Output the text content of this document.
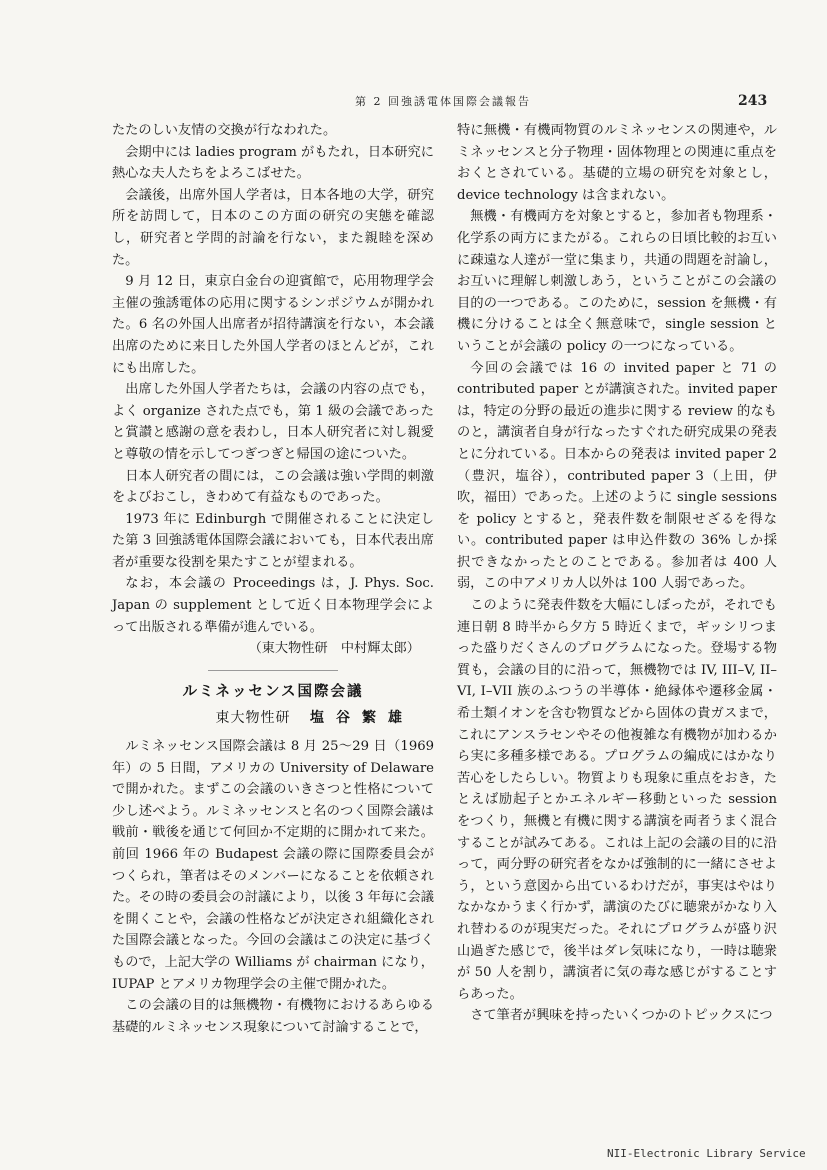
第 2 回強誘電体国際会議報告	243

たたのしい友情の交換が行なわれた。

会期中には ladies program がもたれ，日本研究に熱心な夫人たちをよろこばせた。

会議後，出席外国人学者は，日本各地の大学，研究所を訪問して，日本のこの方面の研究の実態を確認し，研究者と学問的討論を行ない，また親睦を深めた。

9 月 12 日，東京白金台の迎賓館で，応用物理学会主催の強誘電体の応用に関するシンポジウムが開かれた。6 名の外国人出席者が招待講演を行ない，本会議出席のために来日した外国人学者のほとんどが，これにも出席した。

出席した外国人学者たちは，会議の内容の点でも，よく organize された点でも，第 1 級の会議であったと賞讃と感謝の意を表わし，日本人研究者に対し親愛と尊敬の情を示してつぎつぎと帰国の途についた。

日本人研究者の間には，この会議は強い学問的刺激をよびおこし，きわめて有益なものであった。

1973 年に Edinburgh で開催されることに決定した第 3 回強誘電体国際会議においても，日本代表出席者が重要な役割を果たすことが望まれる。

なお，本会議の Proceedings は，J. Phys. Soc. Japan の supplement として近く日本物理学会によって出版される準備が進んでいる。

（東大物性研　中村輝太郎）

ルミネッセンス国際会議
東大物性研 塩谷繁雄

ルミネッセンス国際会議は 8 月 25～29 日（1969 年）の 5 日間，アメリカの University of Delaware で開かれた。まずこの会議のいきさつと性格について少し述べよう。ルミネッセンスと名のつく国際会議は戦前・戦後を通じて何回か不定期的に開かれて来た。前回 1966 年の Budapest 会議の際に国際委員会がつくられ，筆者はそのメンバーになることを依頼された。その時の委員会の討議により，以後 3 年毎に会議を開くことや，会議の性格などが決定され組織化された国際会議となった。今回の会議はこの決定に基づくもので，上記大学の Williams が chairman になり，IUPAP とアメリカ物理学会の主催で開かれた。

この会議の目的は無機物・有機物におけるあらゆる基礎的ルミネッセンス現象について討論することで，

特に無機・有機両物質のルミネッセンスの関連や，ルミネッセンスと分子物理・固体物理との関連に重点をおくとされている。基礎的立場の研究を対象とし，device technology は含まれない。

無機・有機両方を対象とすると，参加者も物理系・化学系の両方にまたがる。これらの日頃比較的お互いに疎遠な人達が一堂に集まり，共通の問題を討論し，お互いに理解し刺激しあう，ということがこの会議の目的の一つである。このために，session を無機・有機に分けることは全く無意味で，single session ということが会議の policy の一つになっている。

今回の会議では 16 の invited paper と 71 の contributed paper とが講演された。invited paper は，特定の分野の最近の進歩に関する review 的なものと，講演者自身が行なったすぐれた研究成果の発表とに分れている。日本からの発表は invited paper 2（豊沢，塩谷），contributed paper 3（上田，伊吹，福田）であった。上述のように single sessions を policy とすると，発表件数を制限せざるを得ない。contributed paper は申込件数の 36% しか採択できなかったとのことである。参加者は 400 人弱，この中アメリカ人以外は 100 人弱であった。

このように発表件数を大幅にしぼったが，それでも連日朝 8 時半から夕方 5 時近くまで，ギッシリつまった盛りだくさんのプログラムになった。登場する物質も，会議の目的に沿って，無機物では IV, III–V, II–VI, I–VII 族のふつうの半導体・絶縁体や遷移金属・希土類イオンを含む物質などから固体の貴ガスまで，これにアンスラセンやその他複雑な有機物が加わるから実に多種多様である。プログラムの編成にはかなり苦心をしたらしい。物質よりも現象に重点をおき，たとえば励起子とかエネルギー移動といった session をつくり，無機と有機に関する講演を両者うまく混合することが試みてある。これは上記の会議の目的に沿って，両分野の研究者をなかば強制的に一緒にさせよう，という意図から出ているわけだが，事実はやはりなかなかうまく行かず，講演のたびに聴衆がかなり入れ替わるのが現実だった。それにプログラムが盛り沢山過ぎた感じで，後半はダレ気味になり，一時は聴衆が 50 人を割り，講演者に気の毒な感じがすることすらあった。

さて筆者が興味を持ったいくつかのトピックスにつ

NII-Electronic Library Service
